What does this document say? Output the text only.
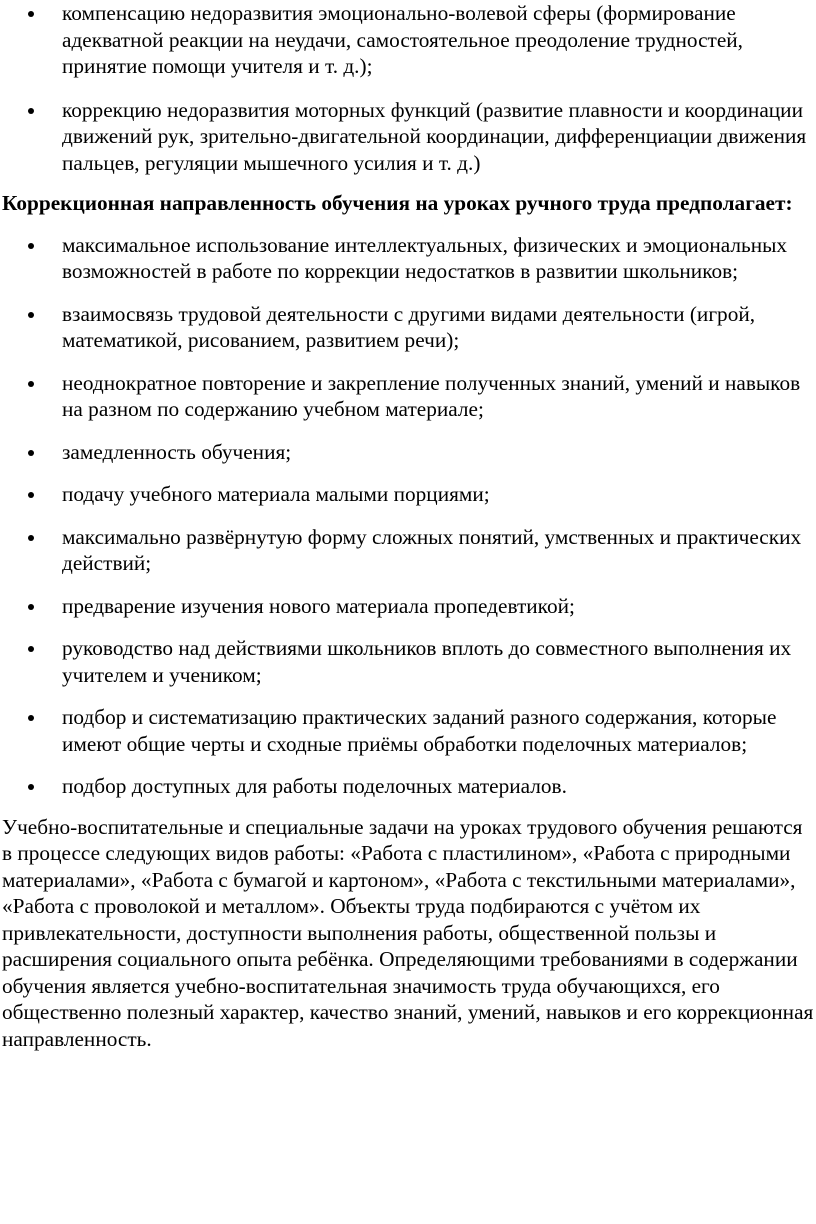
компенсацию недоразвития эмоционально-волевой сферы (формирование адекватной реакции на неудачи, самостоятельное преодоление трудностей, принятие помощи учителя и т. д.);
коррекцию недоразвития моторных функций (развитие плавности и координации движений рук, зрительно-двигательной координации, дифференциации движения пальцев, регуляции мышечного усилия и т. д.)
Коррекционная направленность обучения на уроках ручного труда предполагает:
максимальное использование интеллектуальных, физических и эмоциональных возможностей в работе по коррекции недостатков в развитии школьников;
взаимосвязь трудовой деятельности с другими видами деятельности (игрой, математикой, рисованием, развитием речи);
неоднократное повторение и закрепление полученных знаний, умений и навыков на разном по содержанию учебном материале;
замедленность обучения;
подачу учебного материала малыми порциями;
максимально развёрнутую форму сложных понятий, умственных и практических действий;
предварение изучения нового материала пропедевтикой;
руководство над действиями школьников вплоть до совместного выполнения их учителем и учеником;
подбор и систематизацию практических заданий разного содержания, которые имеют общие черты и сходные приёмы обработки поделочных материалов;
подбор доступных для работы поделочных материалов.

Учебно-воспитательные и специальные задачи на уроках трудового обучения решаются в процессе следующих видов работы: «Работа с пластилином», «Работа с природными материалами», «Работа с бумагой и картоном», «Работа с текстильными материалами», «Работа с проволокой и металлом». Объекты труда подбираются с учётом их привлекательности, доступности выполнения работы, общественной пользы и расширения социального опыта ребёнка. Определяющими требованиями в содержании обучения является учебно-воспитательная значимость труда обучающихся, его общественно полезный характер, качество знаний, умений, навыков и его коррекционная направленность.
